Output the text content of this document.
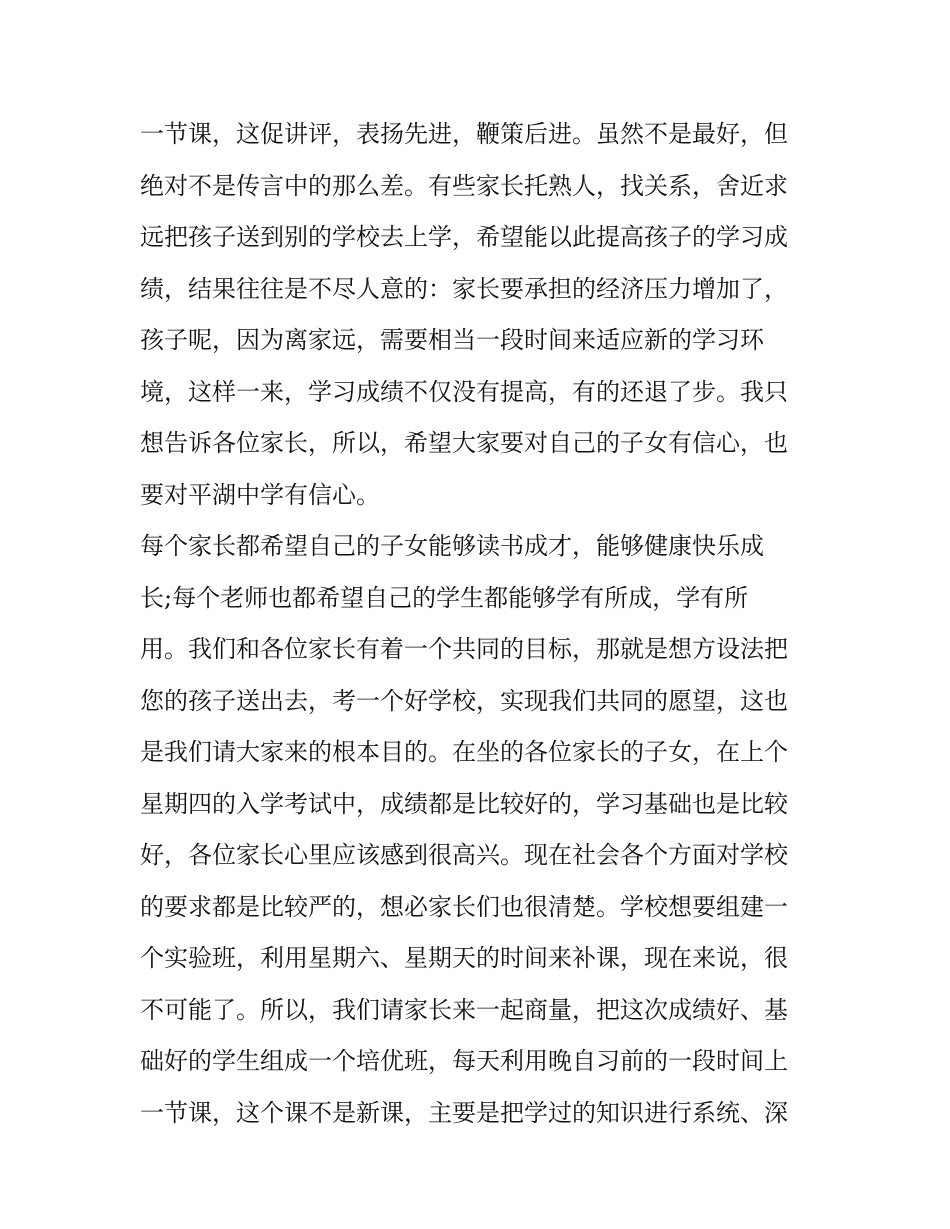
一节课，这促讲评，表扬先进，鞭策后进。虽然不是最好，但
绝对不是传言中的那么差。有些家长托熟人，找关系，舍近求
远把孩子送到别的学校去上学，希望能以此提高孩子的学习成
绩，结果往往是不尽人意的：家长要承担的经济压力增加了，
孩子呢，因为离家远，需要相当一段时间来适应新的学习环
境，这样一来，学习成绩不仅没有提高，有的还退了步。我只
想告诉各位家长，所以，希望大家要对自己的子女有信心，也
要对平湖中学有信心。
每个家长都希望自己的子女能够读书成才，能够健康快乐成
长;每个老师也都希望自己的学生都能够学有所成，学有所
用。我们和各位家长有着一个共同的目标，那就是想方设法把
您的孩子送出去，考一个好学校，实现我们共同的愿望，这也
是我们请大家来的根本目的。在坐的各位家长的子女，在上个
星期四的入学考试中，成绩都是比较好的，学习基础也是比较
好，各位家长心里应该感到很高兴。现在社会各个方面对学校
的要求都是比较严的，想必家长们也很清楚。学校想要组建一
个实验班，利用星期六、星期天的时间来补课，现在来说，很
不可能了。所以，我们请家长来一起商量，把这次成绩好、基
础好的学生组成一个培优班，每天利用晚自习前的一段时间上
一节课，这个课不是新课，主要是把学过的知识进行系统、深
